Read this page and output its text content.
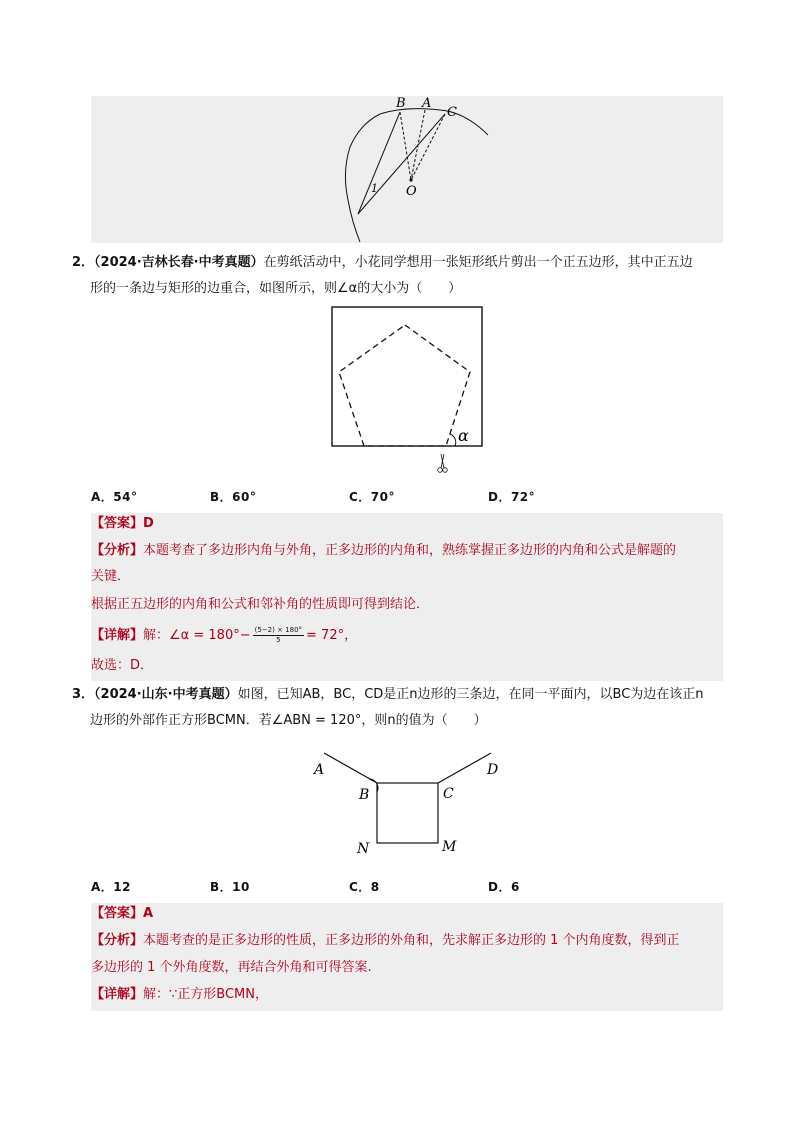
B A
C
O
1
2．（2024·吉林长春·中考真题）在剪纸活动中，小花同学想用一张矩形纸片剪出一个正五边形，其中正五边
形的一条边与矩形的边重合，如图所示，则∠α的大小为（　　）
α
A．54°	B．60°	C．70°	D．72°
【答案】D
【分析】本题考查了多边形内角与外角，正多边形的内角和，熟练掌握正多边形的内角和公式是解题的
关键．
根据正五边形的内角和公式和邻补角的性质即可得到结论．
【详解】解：∠α = $180^\circ- \frac{(5-2) \times 180^\circ}{5} = 72^\circ$，
故选：D．
3．（2024·山东·中考真题）如图，已知AB，BC，CD是正n边形的三条边，在同一平面内，以BC为边在该正n
边形的外部作正方形BCMN．若∠ABN = 120°，则n的值为（　　）
A
B	C
D
N	M
A．12	B．10	C．8	D．6
【答案】A
【分析】本题考查的是正多边形的性质，正多边形的外角和，先求解正多边形的 1 个内角度数，得到正
多边形的 1 个外角度数，再结合外角和可得答案.
【详解】解：∵正方形BCMN，
